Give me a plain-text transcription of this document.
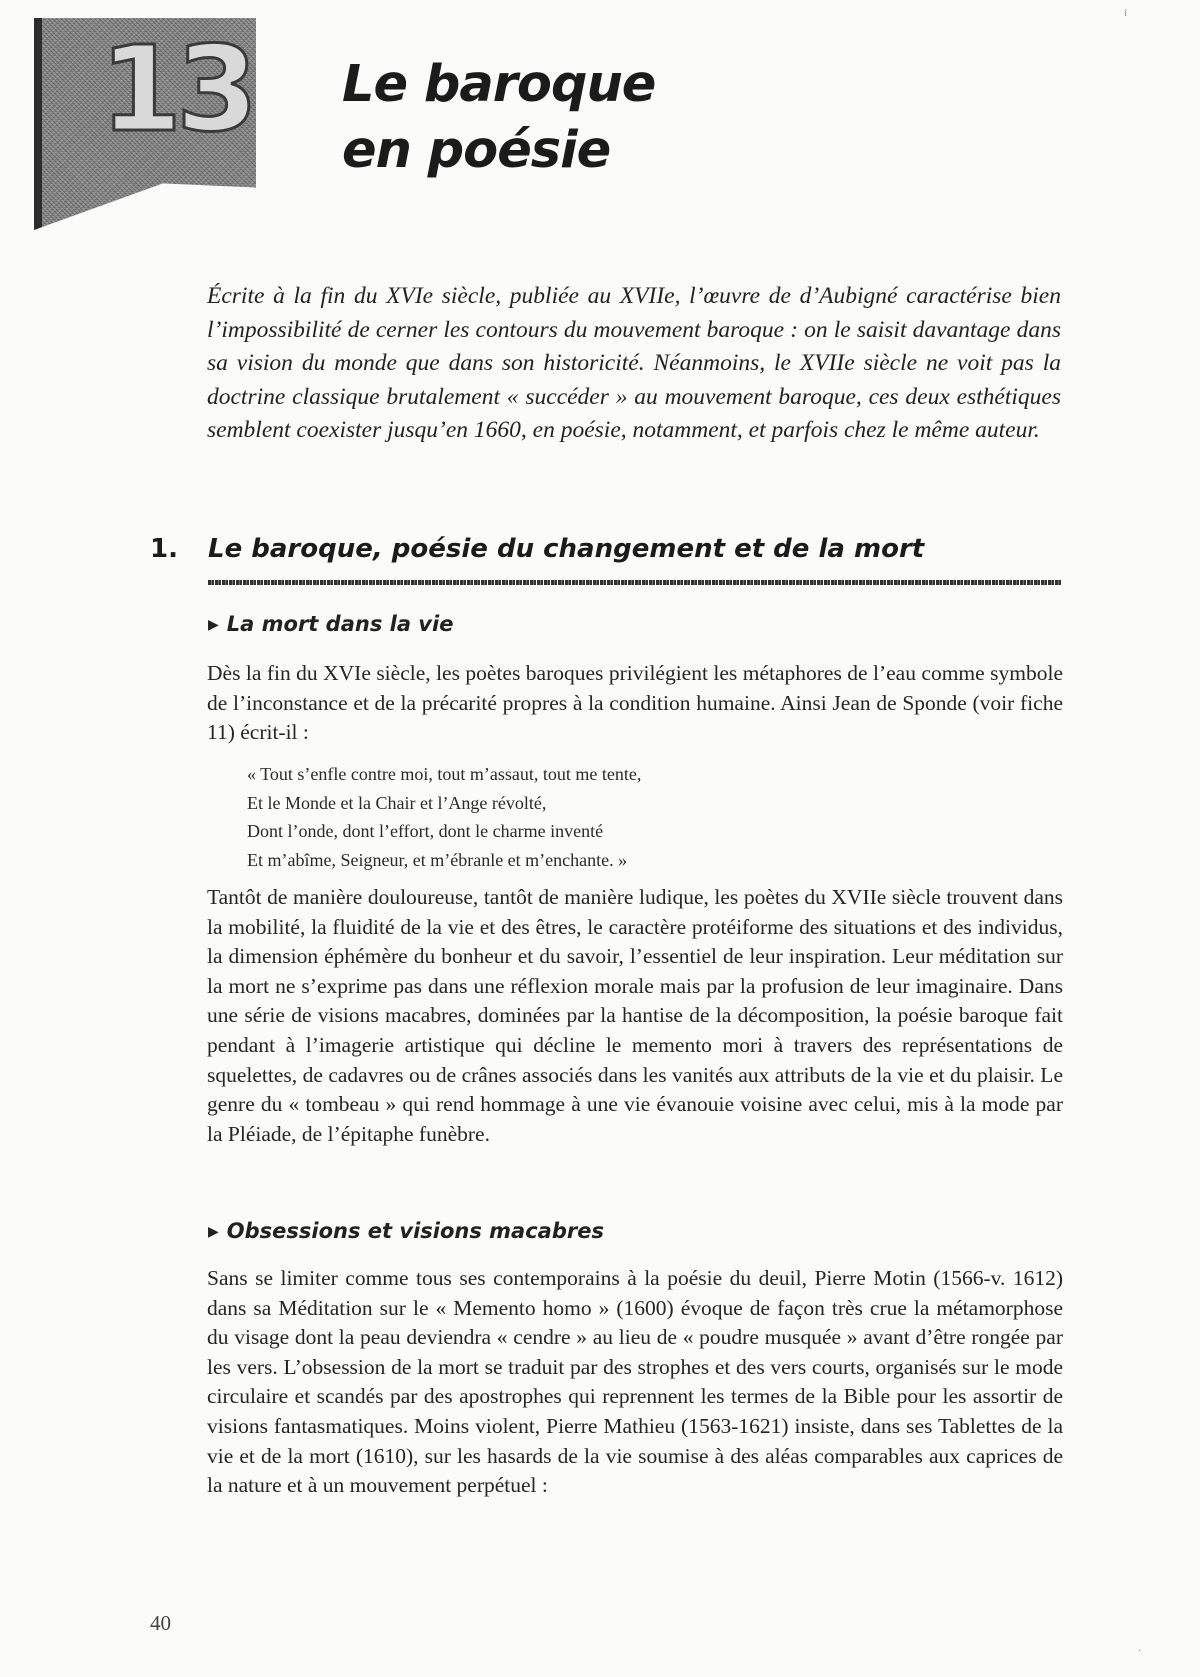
13 Le baroque
en poésie

Écrite à la fin du XVIe siècle, publiée au XVIIe, l’œuvre de d’Aubigné caractérise bien l’impossibilité de cerner les contours du mouvement baroque : on le saisit davantage dans sa vision du monde que dans son historicité. Néanmoins, le XVIIe siècle ne voit pas la doctrine classique brutalement « succéder » au mouvement baroque, ces deux esthétiques semblent coexister jusqu’en 1660, en poésie, notamment, et parfois chez le même auteur.

1. Le baroque, poésie du changement et de la mort
▶ La mort dans la vie

Dès la fin du XVIe siècle, les poètes baroques privilégient les métaphores de l’eau comme symbole de l’inconstance et de la précarité propres à la condition humaine. Ainsi Jean de Sponde (voir fiche 11) écrit-il :

« Tout s’enfle contre moi, tout m’assaut, tout me tente,
Et le Monde et la Chair et l’Ange révolté,
Dont l’onde, dont l’effort, dont le charme inventé
Et m’abîme, Seigneur, et m’ébranle et m’enchante. »

Tantôt de manière douloureuse, tantôt de manière ludique, les poètes du XVIIe siècle trouvent dans la mobilité, la fluidité de la vie et des êtres, le caractère protéiforme des situations et des individus, la dimension éphémère du bonheur et du savoir, l’essentiel de leur inspiration. Leur méditation sur la mort ne s’exprime pas dans une réflexion morale mais par la profusion de leur imaginaire. Dans une série de visions macabres, dominées par la hantise de la décomposition, la poésie baroque fait pendant à l’imagerie artistique qui décline le memento mori à travers des représentations de squelettes, de cadavres ou de crânes associés dans les vanités aux attributs de la vie et du plaisir. Le genre du « tombeau » qui rend hommage à une vie évanouie voisine avec celui, mis à la mode par la Pléiade, de l’épitaphe funèbre.

▶ Obsessions et visions macabres

Sans se limiter comme tous ses contemporains à la poésie du deuil, Pierre Motin (1566-v. 1612) dans sa Méditation sur le « Memento homo » (1600) évoque de façon très crue la métamorphose du visage dont la peau deviendra « cendre » au lieu de « poudre musquée » avant d’être rongée par les vers. L’obsession de la mort se traduit par des strophes et des vers courts, organisés sur le mode circulaire et scandés par des apostrophes qui reprennent les termes de la Bible pour les assortir de visions fantasmatiques. Moins violent, Pierre Mathieu (1563-1621) insiste, dans ses Tablettes de la vie et de la mort (1610), sur les hasards de la vie soumise à des aléas comparables aux caprices de la nature et à un mouvement perpétuel :

40
⁞
·
